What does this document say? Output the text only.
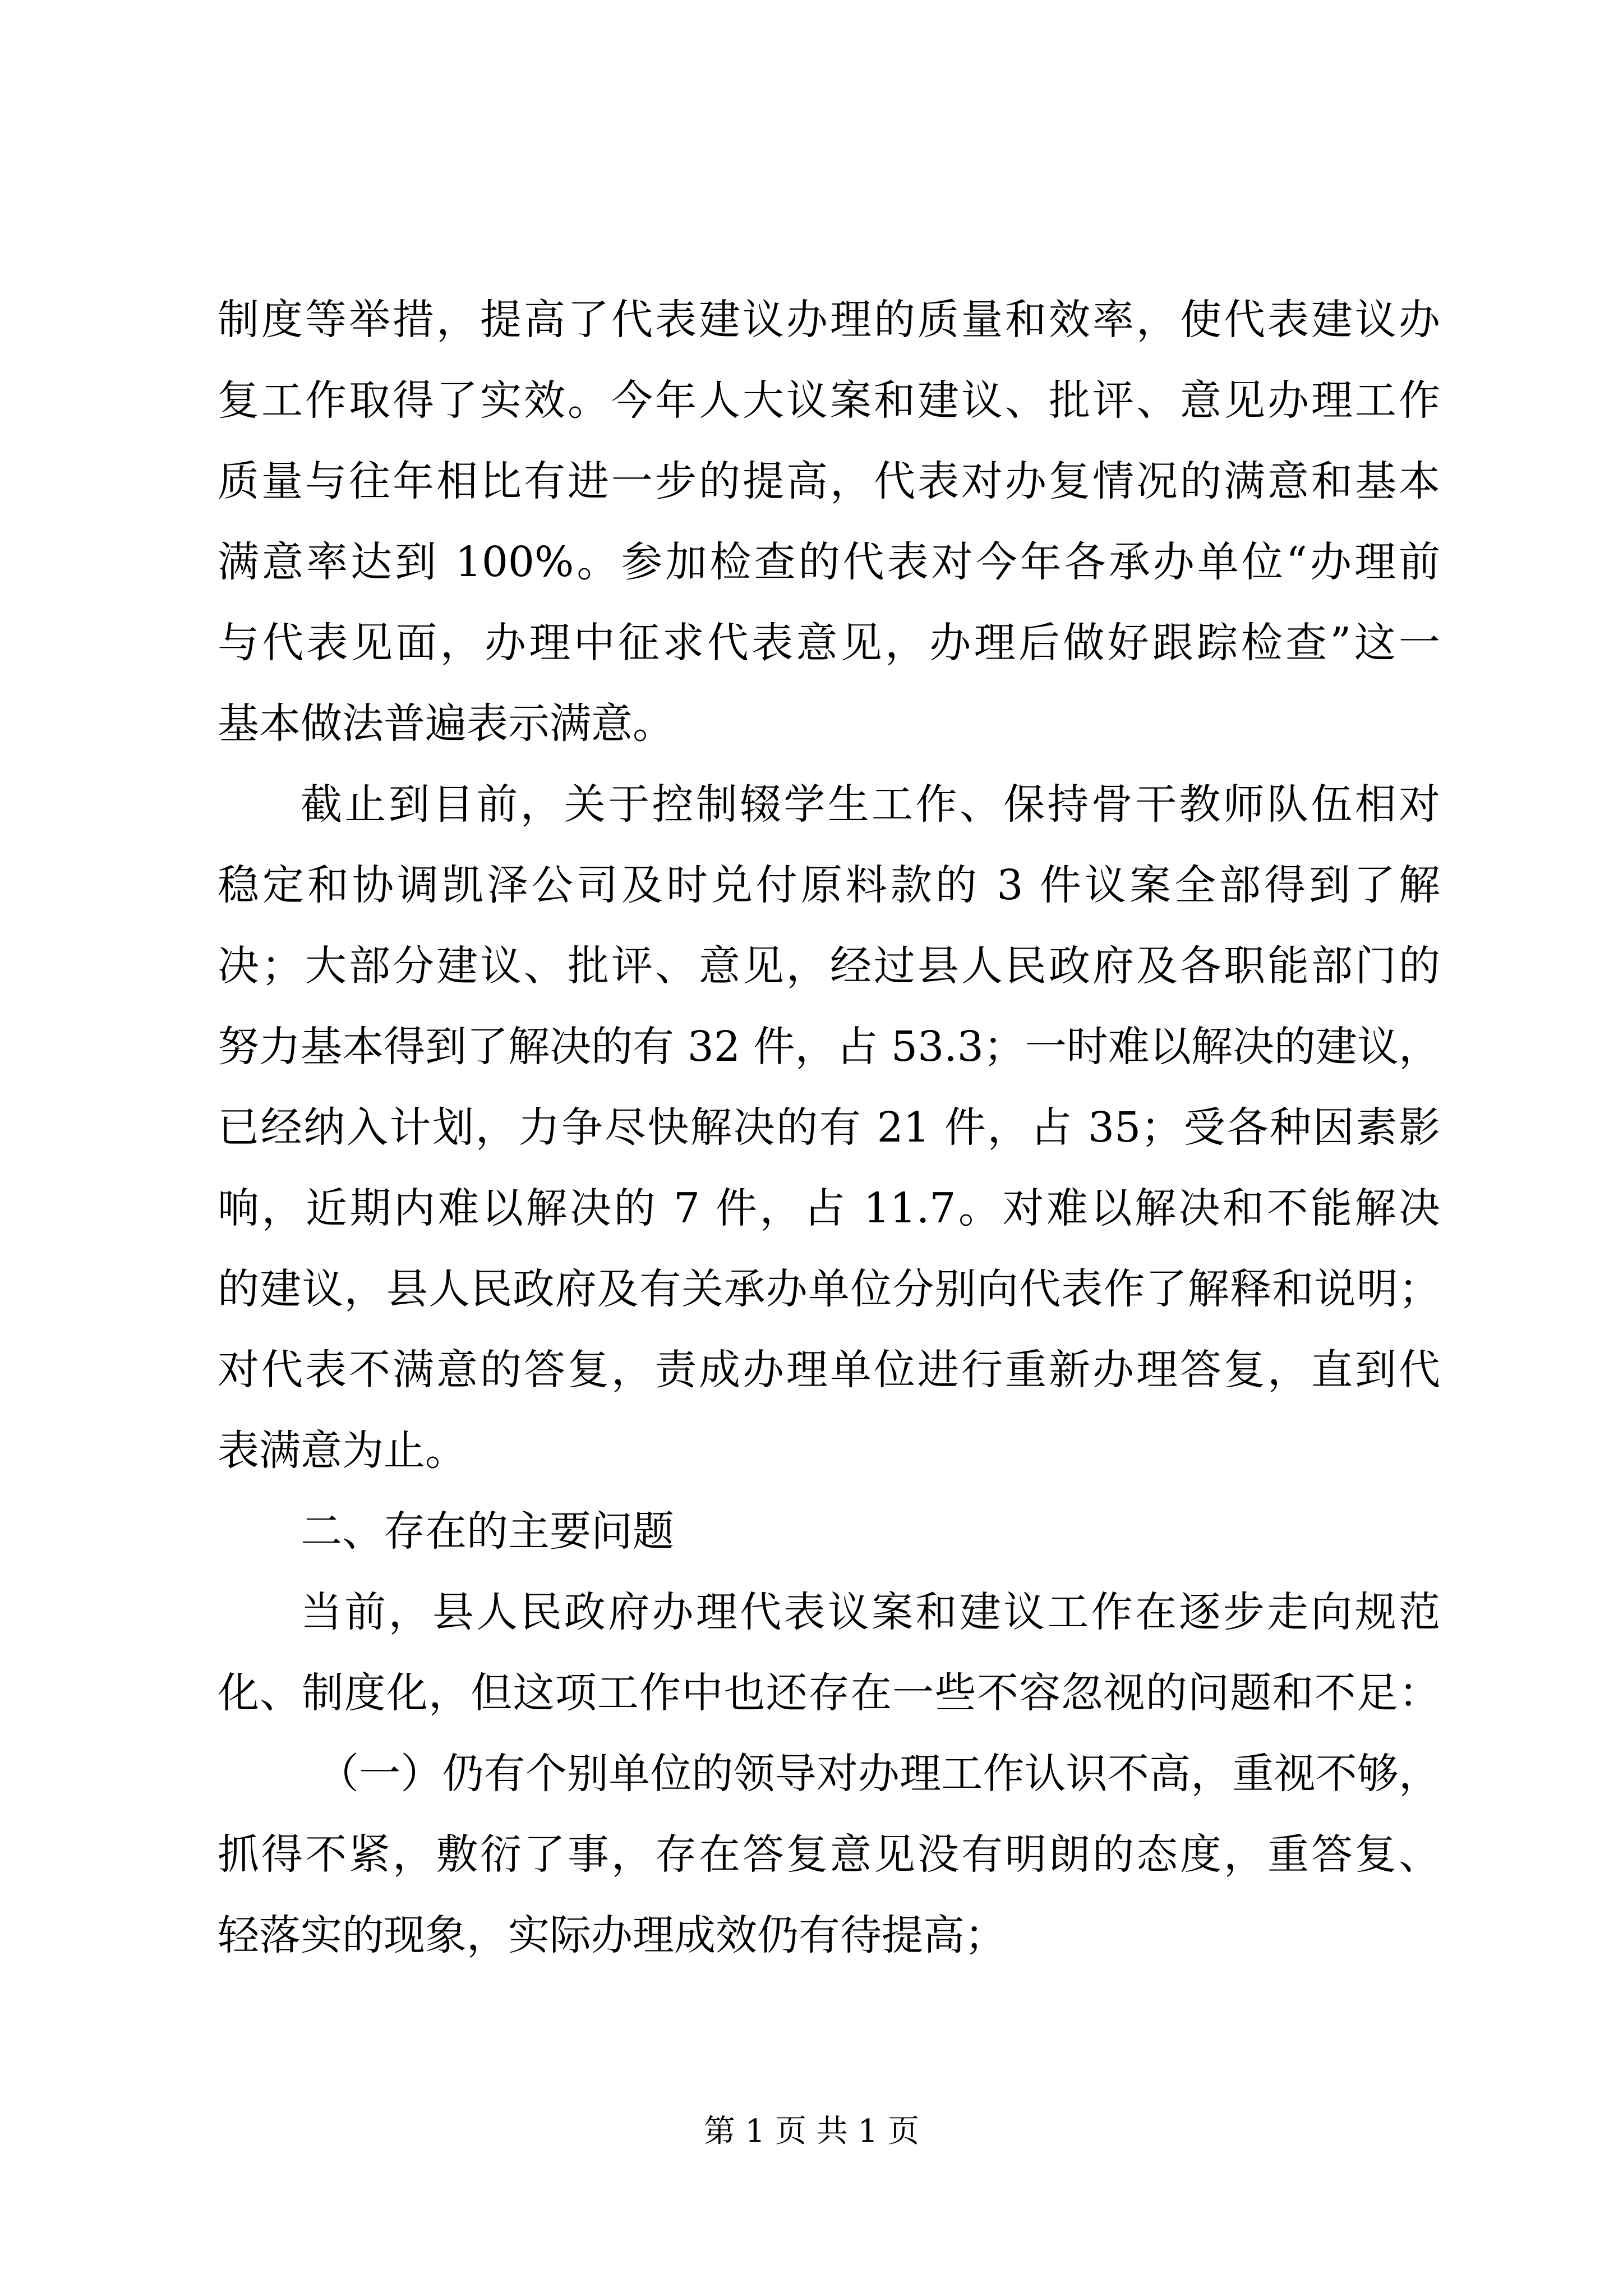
制度等举措，提高了代表建议办理的质量和效率，使代表建议办
复工作取得了实效。今年人大议案和建议、批评、意见办理工作
质量与往年相比有进一步的提高，代表对办复情况的满意和基本
满意率达到 100%。参加检查的代表对今年各承办单位“办理前
与代表见面，办理中征求代表意见，办理后做好跟踪检查”这一
基本做法普遍表示满意。
截止到目前，关于控制辍学生工作、保持骨干教师队伍相对
稳定和协调凯泽公司及时兑付原料款的 3 件议案全部得到了解
决；大部分建议、批评、意见，经过县人民政府及各职能部门的
努力基本得到了解决的有 32 件，占 53.3；一时难以解决的建议，
已经纳入计划，力争尽快解决的有 21 件，占 35；受各种因素影
响，近期内难以解决的 7 件，占 11.7。对难以解决和不能解决
的建议，县人民政府及有关承办单位分别向代表作了解释和说明；
对代表不满意的答复，责成办理单位进行重新办理答复，直到代
表满意为止。
二、存在的主要问题
当前，县人民政府办理代表议案和建议工作在逐步走向规范
化、制度化，但这项工作中也还存在一些不容忽视的问题和不足：
（一）仍有个别单位的领导对办理工作认识不高，重视不够，
抓得不紧，敷衍了事，存在答复意见没有明朗的态度，重答复、
轻落实的现象，实际办理成效仍有待提高；
第 1 页 共 1 页
